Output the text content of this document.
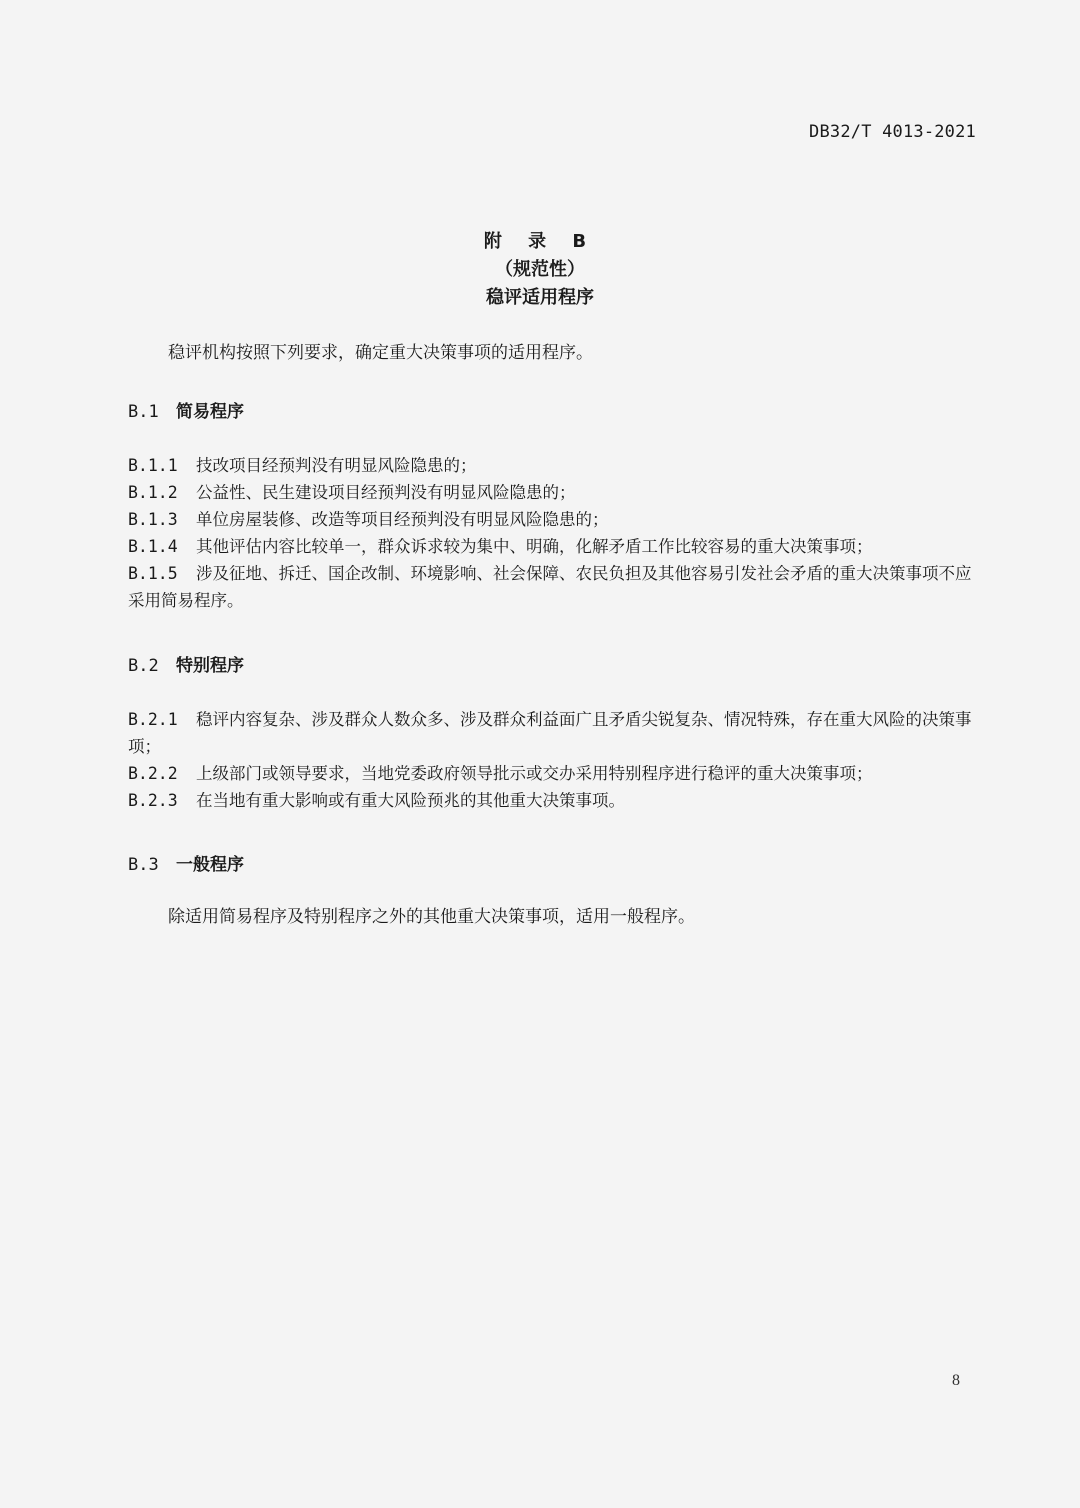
DB32/T 4013-2021
附 录 B
（规范性）
稳评适用程序
稳评机构按照下列要求，确定重大决策事项的适用程序。
B.1 简易程序

B.1.1 技改项目经预判没有明显风险隐患的；

B.1.2 公益性、民生建设项目经预判没有明显风险隐患的；

B.1.3 单位房屋装修、改造等项目经预判没有明显风险隐患的；

B.1.4 其他评估内容比较单一，群众诉求较为集中、明确，化解矛盾工作比较容易的重大决策事项；

B.1.5 涉及征地、拆迁、国企改制、环境影响、社会保障、农民负担及其他容易引发社会矛盾的重大决策事项不应采用简易程序。

B.2 特别程序

B.2.1 稳评内容复杂、涉及群众人数众多、涉及群众利益面广且矛盾尖锐复杂、情况特殊，存在重大风险的决策事项；

B.2.2 上级部门或领导要求，当地党委政府领导批示或交办采用特别程序进行稳评的重大决策事项；

B.2.3 在当地有重大影响或有重大风险预兆的其他重大决策事项。

B.3 一般程序
除适用简易程序及特别程序之外的其他重大决策事项，适用一般程序。
8
